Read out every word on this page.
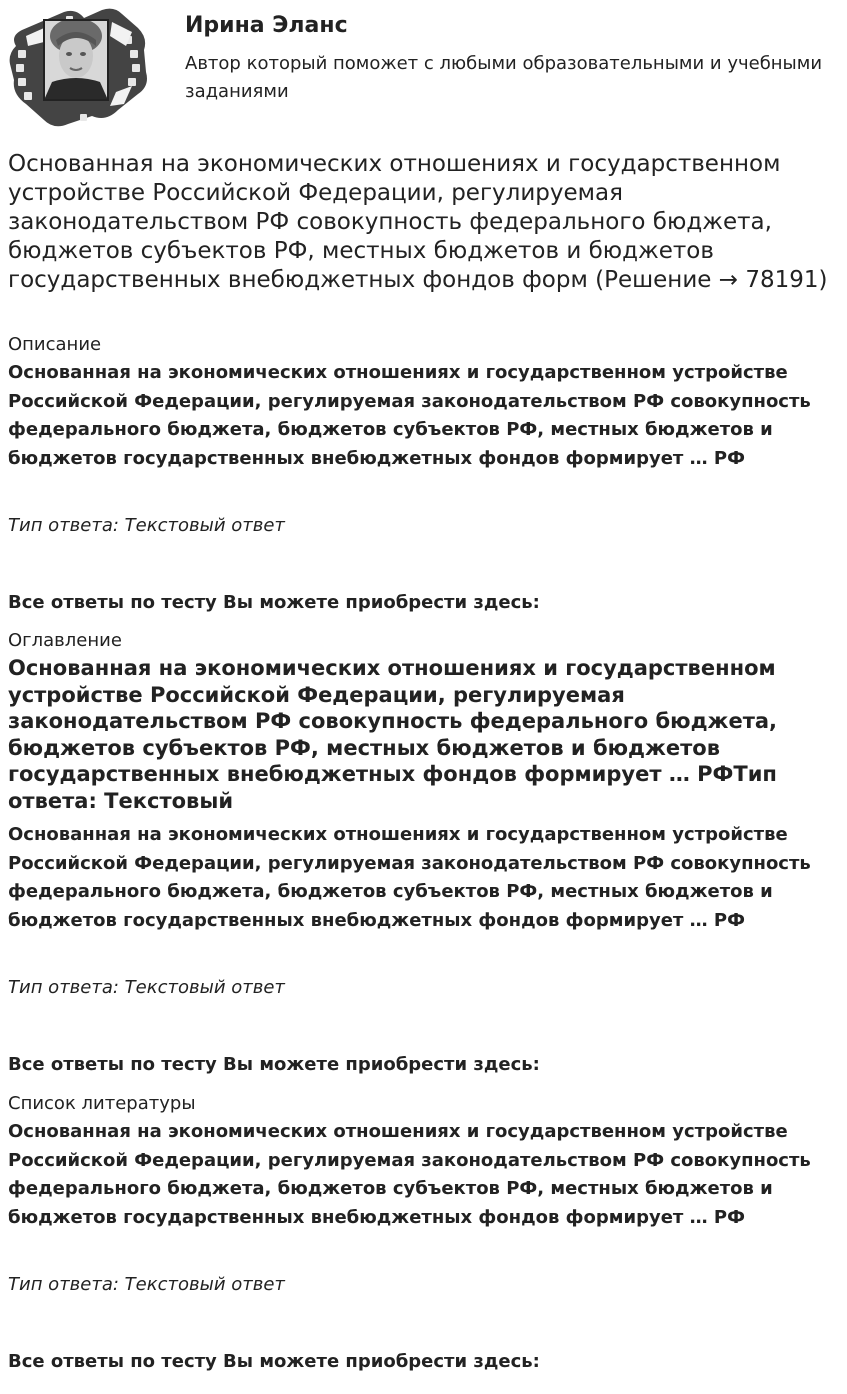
Ирина Эланс
Автор который поможет с любыми образовательными и учебными заданиями
Основанная на экономических отношениях и государственном устройстве Российской Федерации, регулируемая законодательством РФ совокупность федерального бюджета, бюджетов субъектов РФ, местных бюджетов и бюджетов государственных внебюджетных фондов форм (Решение → 78191)
Описание
Основанная на экономических отношениях и государственном устройстве Российской Федерации, регулируемая законодательством РФ совокупность федерального бюджета, бюджетов субъектов РФ, местных бюджетов и бюджетов государственных внебюджетных фондов формирует … РФ
Тип ответа: Текстовый ответ
Все ответы по тесту Вы можете приобрести здесь:
Оглавление
Основанная на экономических отношениях и государственном устройстве Российской Федерации, регулируемая законодательством РФ совокупность федерального бюджета, бюджетов субъектов РФ, местных бюджетов и бюджетов государственных внебюджетных фондов формирует … РФТип ответа: Текстовый
Основанная на экономических отношениях и государственном устройстве Российской Федерации, регулируемая законодательством РФ совокупность федерального бюджета, бюджетов субъектов РФ, местных бюджетов и бюджетов государственных внебюджетных фондов формирует … РФ
Тип ответа: Текстовый ответ
Все ответы по тесту Вы можете приобрести здесь:
Список литературы
Основанная на экономических отношениях и государственном устройстве Российской Федерации, регулируемая законодательством РФ совокупность федерального бюджета, бюджетов субъектов РФ, местных бюджетов и бюджетов государственных внебюджетных фондов формирует … РФ
Тип ответа: Текстовый ответ
Все ответы по тесту Вы можете приобрести здесь:
